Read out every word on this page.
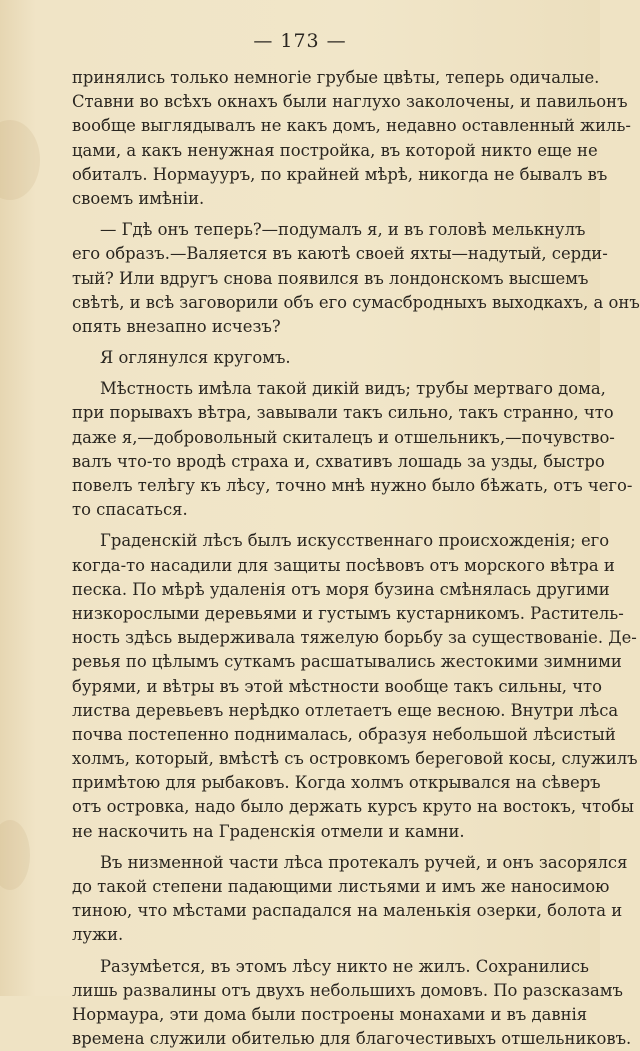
— 173 —
принялись только немногіе грубые цвѣты, теперь одичалые.
Ставни во всѣхъ окнахъ были наглухо заколочены, и павильонъ
вообще выглядывалъ не какъ домъ, недавно оставленный жиль-
цами, а какъ ненужная постройка, въ которой никто еще не
обиталъ. Нормаууръ, по крайней мѣрѣ, никогда не бывалъ въ
своемъ имѣніи.
— Гдѣ онъ теперь?—подумалъ я, и въ головѣ мелькнулъ
его образъ.—Валяется въ каютѣ своей яхты—надутый, серди-
тый? Или вдругъ снова появился въ лондонскомъ высшемъ
свѣтѣ, и всѣ заговорили объ его сумасбродныхъ выходкахъ, а онъ
опять внезапно исчезъ?
Я оглянулся кругомъ.
Мѣстность имѣла такой дикій видъ; трубы мертваго дома,
при порывахъ вѣтра, завывали такъ сильно, такъ странно, что
даже я,—добровольный скиталецъ и отшельникъ,—почувство-
валъ что-то вродѣ страха и, схвативъ лошадь за узды, быстро
повелъ телѣгу къ лѣсу, точно мнѣ нужно было бѣжать, отъ чего-
то спасаться.
Граденскій лѣсъ былъ искусственнаго происхожденія; его
когда-то насадили для защиты посѣвовъ отъ морского вѣтра и
песка. По мѣрѣ удаленія отъ моря бузина смѣнялась другими
низкорослыми деревьями и густымъ кустарникомъ. Раститель-
ность здѣсь выдерживала тяжелую борьбу за существованіе. Де-
ревья по цѣлымъ суткамъ расшатывались жестокими зимними
бурями, и вѣтры въ этой мѣстности вообще такъ сильны, что
листва деревьевъ нерѣдко отлетаетъ еще весною. Внутри лѣса
почва постепенно поднималась, образуя небольшой лѣсистый
холмъ, который, вмѣстѣ съ островкомъ береговой косы, служилъ
примѣтою для рыбаковъ. Когда холмъ открывался на сѣверъ
отъ островка, надо было держать курсъ круто на востокъ, чтобы
не наскочить на Граденскія отмели и камни.
Въ низменной части лѣса протекалъ ручей, и онъ засорялся
до такой степени падающими листьями и имъ же наносимою
тиною, что мѣстами распадался на маленькія озерки, болота и
лужи.
Разумѣется, въ этомъ лѣсу никто не жилъ. Сохранились
лишь развалины отъ двухъ небольшихъ домовъ. По разсказамъ
Нормаура, эти дома были построены монахами и въ давнія
времена служили обителью для благочестивыхъ отшельниковъ.
